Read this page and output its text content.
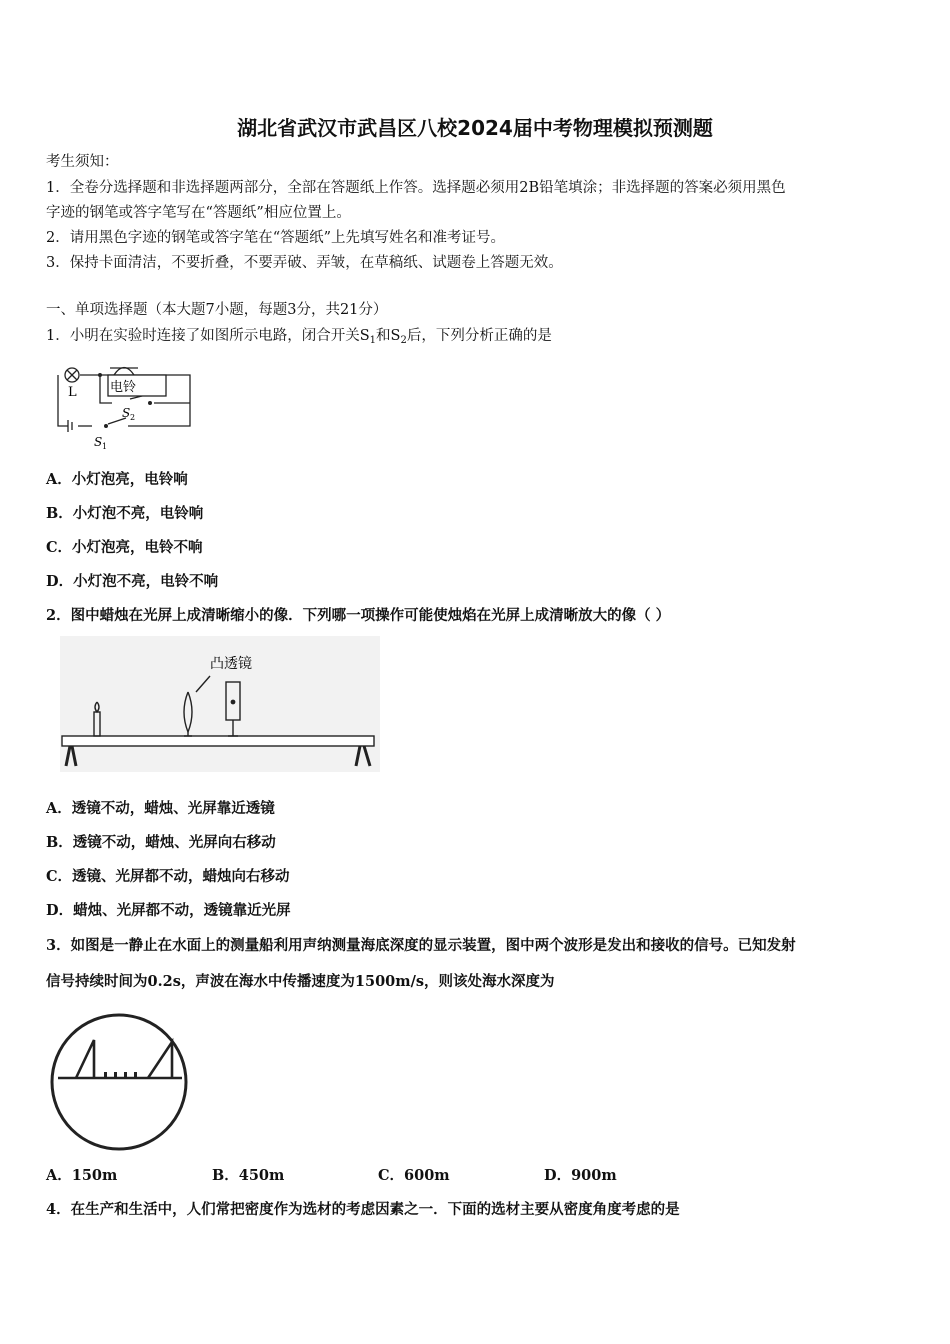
湖北省武汉市武昌区八校2024届中考物理模拟预测题
考生须知：
1．全卷分选择题和非选择题两部分，全部在答题纸上作答。选择题必须用2B铅笔填涂；非选择题的答案必须用黑色
字迹的钢笔或答字笔写在“答题纸”相应位置上。
2．请用黑色字迹的钢笔或答字笔在“答题纸”上先填写姓名和准考证号。
3．保持卡面清洁，不要折叠，不要弄破、弄皱，在草稿纸、试题卷上答题无效。
一、单项选择题（本大题7小题，每题3分，共21分）
1．小明在实验时连接了如图所示电路，闭合开关$S_1$和$S_2$后，下列分析正确的是
L	电铃
S 2
S 1
A．小灯泡亮，电铃响
B．小灯泡不亮，电铃响
C．小灯泡亮，电铃不响
D．小灯泡不亮，电铃不响
2．图中蜡烛在光屏上成清晰缩小的像．下列哪一项操作可能使烛焰在光屏上成清晰放大的像（ ）
凸透镜
A．透镜不动，蜡烛、光屏靠近透镜
B．透镜不动，蜡烛、光屏向右移动
C．透镜、光屏都不动，蜡烛向右移动
D．蜡烛、光屏都不动，透镜靠近光屏
3．如图是一静止在水面上的测量船利用声纳测量海底深度的显示装置，图中两个波形是发出和接收的信号。已知发射
信号持续时间为0.2s，声波在海水中传播速度为1500m/s，则该处海水深度为
A．150m	B．450m	C．600m	D．900m
4．在生产和生活中，人们常把密度作为选材的考虑因素之一．下面的选材主要从密度角度考虑的是
